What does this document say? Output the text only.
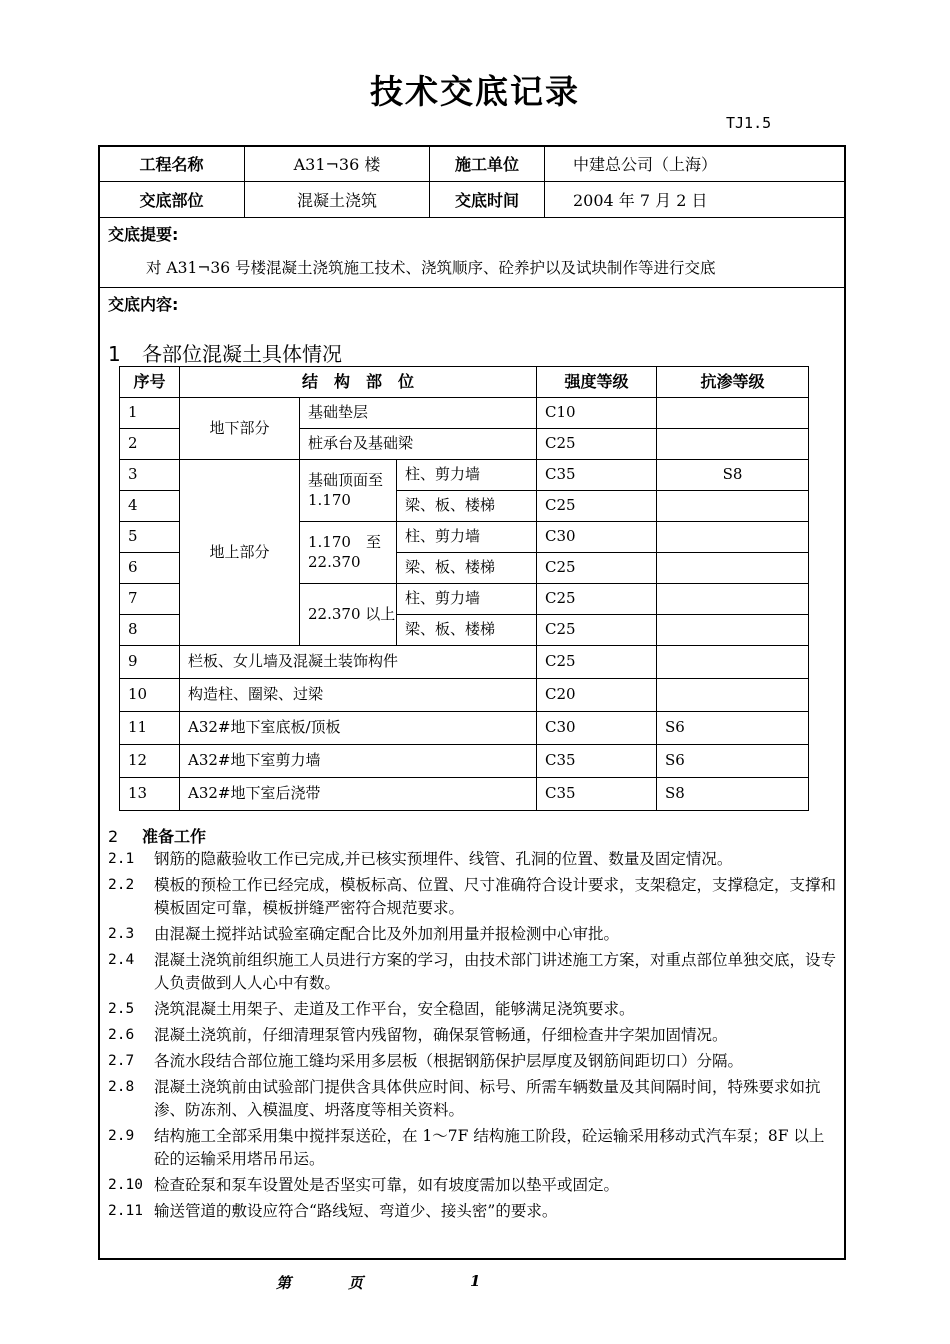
技术交底记录
TJ1.5
工程名称	A31¬36 楼	施工单位	中建总公司（上海）
交底部位	混凝土浇筑	交底时间	2004 年 7 月 2 日
交底提要:
对 A31¬36 号楼混凝土浇筑施工技术、浇筑顺序、砼养护以及试块制作等进行交底
交底内容:
1 各部位混凝土具体情况
序号	结　构　部　位			强度等级	抗渗等级
1	地下部分	基础垫层		C10	
2		桩承台及基础梁		C25	
3	地上部分	基础顶面至 1.170	柱、剪力墙	C35	S8
4			梁、板、楼梯	C25	
5		1.170　至 22.370	柱、剪力墙	C30	
6			梁、板、楼梯	C25	
7		22.370 以上	柱、剪力墙	C25	
8			梁、板、楼梯	C25	
9	栏板、女儿墙及混凝土装饰构件			C25	
10	构造柱、圈梁、过梁			C20	
11	A32#地下室底板/顶板			C30	S6
12	A32#地下室剪力墙			C35	S6
13	A32#地下室后浇带			C35	S8
2 准备工作
2.1	钢筋的隐蔽验收工作已完成,并已核实预埋件、线管、孔洞的位置、数量及固定情况。
2.2	模板的预检工作已经完成，模板标高、位置、尺寸准确符合设计要求，支架稳定，支撑稳定，支撑和模板固定可靠，模板拼缝严密符合规范要求。
2.3	由混凝土搅拌站试验室确定配合比及外加剂用量并报检测中心审批。
2.4	混凝土浇筑前组织施工人员进行方案的学习，由技术部门讲述施工方案，对重点部位单独交底，设专人负责做到人人心中有数。
2.5	浇筑混凝土用架子、走道及工作平台，安全稳固，能够满足浇筑要求。
2.6	混凝土浇筑前，仔细清理泵管内残留物，确保泵管畅通，仔细检查井字架加固情况。
2.7	各流水段结合部位施工缝均采用多层板（根据钢筋保护层厚度及钢筋间距切口）分隔。
2.8	混凝土浇筑前由试验部门提供含具体供应时间、标号、所需车辆数量及其间隔时间，特殊要求如抗渗、防冻剂、入模温度、坍落度等相关资料。
2.9	结构施工全部采用集中搅拌泵送砼，在 1～7F 结构施工阶段，砼运输采用移动式汽车泵；8F 以上砼的运输采用塔吊吊运。
2.10 检查砼泵和泵车设置处是否坚实可靠，如有坡度需加以垫平或固定。
2.11 输送管道的敷设应符合“路线短、弯道少、接头密”的要求。
第	页	1
